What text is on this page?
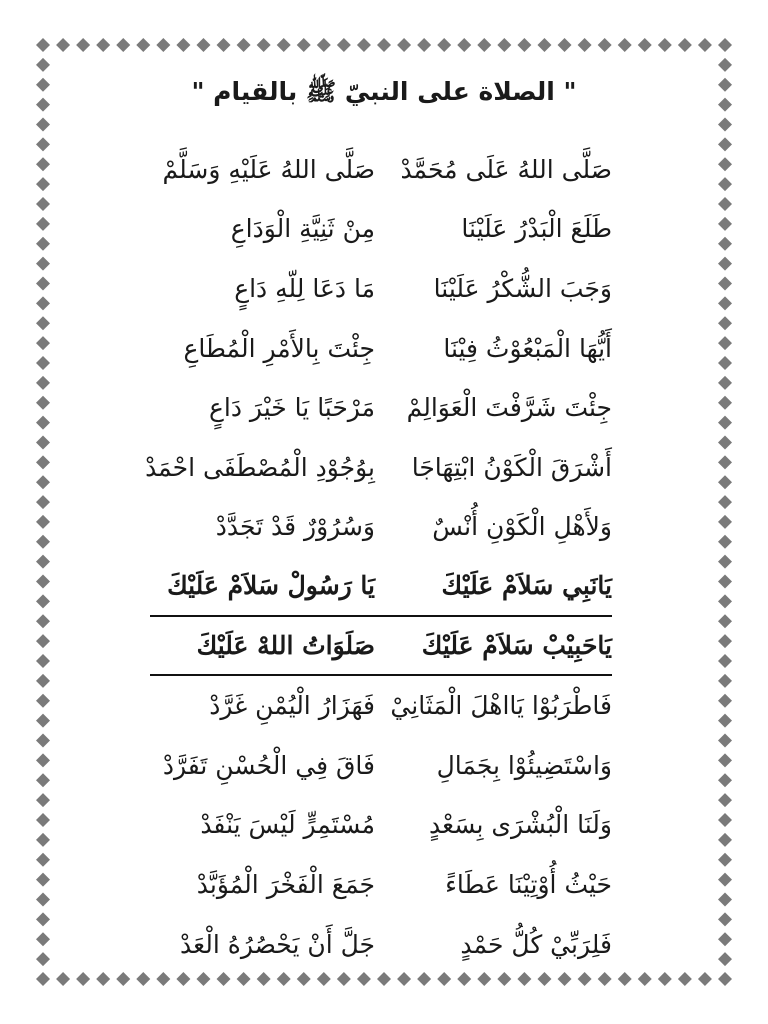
" الصلاة على النبيّ ﷺ بالقيام "
صَلَّى اللهُ عَلَى مُحَمَّدْ
صَلَّى اللهُ عَلَيْهِ وَسَلَّمْ
طَلَعَ الْبَدْرُ عَلَيْنَا
مِنْ ثَنِيَّةِ الْوَدَاعِ
وَجَبَ الشُّكْرُ عَلَيْنَا
مَا دَعَا لِلّهِ دَاعٍ
أَيُّهَا الْمَبْعُوْثُ فِيْنَا
جِئْتَ بِالأَمْرِ الْمُطَاعِ
جِئْتَ شَرَّفْتَ الْعَوَالِمْ
مَرْحَبًا يَا خَيْرَ دَاعٍ
أَشْرَقَ الْكَوْنُ ابْتِهَاجَا
بِوُجُوْدِ الْمُصْطَفَى احْمَدْ
وَلأَهْلِ الْكَوْنِ أُنْسٌ
وَسُرُوْرٌ قَدْ تَجَدَّدْ
يَانَبِي سَلاَمْ عَلَيْكَ
يَا رَسُولْ سَلاَمْ عَلَيْكَ
يَاحَبِيْبْ سَلاَمْ عَلَيْكَ
صَلَوَاتُ اللهْ عَلَيْكَ
فَاطْرَبُوْا يَااهْلَ الْمَثَانِيْ
فَهَزَارُ الْيُمْنِ غَرَّدْ
وَاسْتَضِيئُوْا بِجَمَالِ
فَاقَ فِي الْحُسْنِ تَفَرَّدْ
وَلَنَا الْبُشْرَى بِسَعْدٍ
مُسْتَمِرٍّ لَيْسَ يَنْفَدْ
حَيْثُ أُوْتِيْنَا عَطَاءً
جَمَعَ الْفَخْرَ الْمُؤَبَّدْ
فَلِرَبِّيْ كُلُّ حَمْدٍ
جَلَّ أَنْ يَحْصُرُهُ الْعَدْ
